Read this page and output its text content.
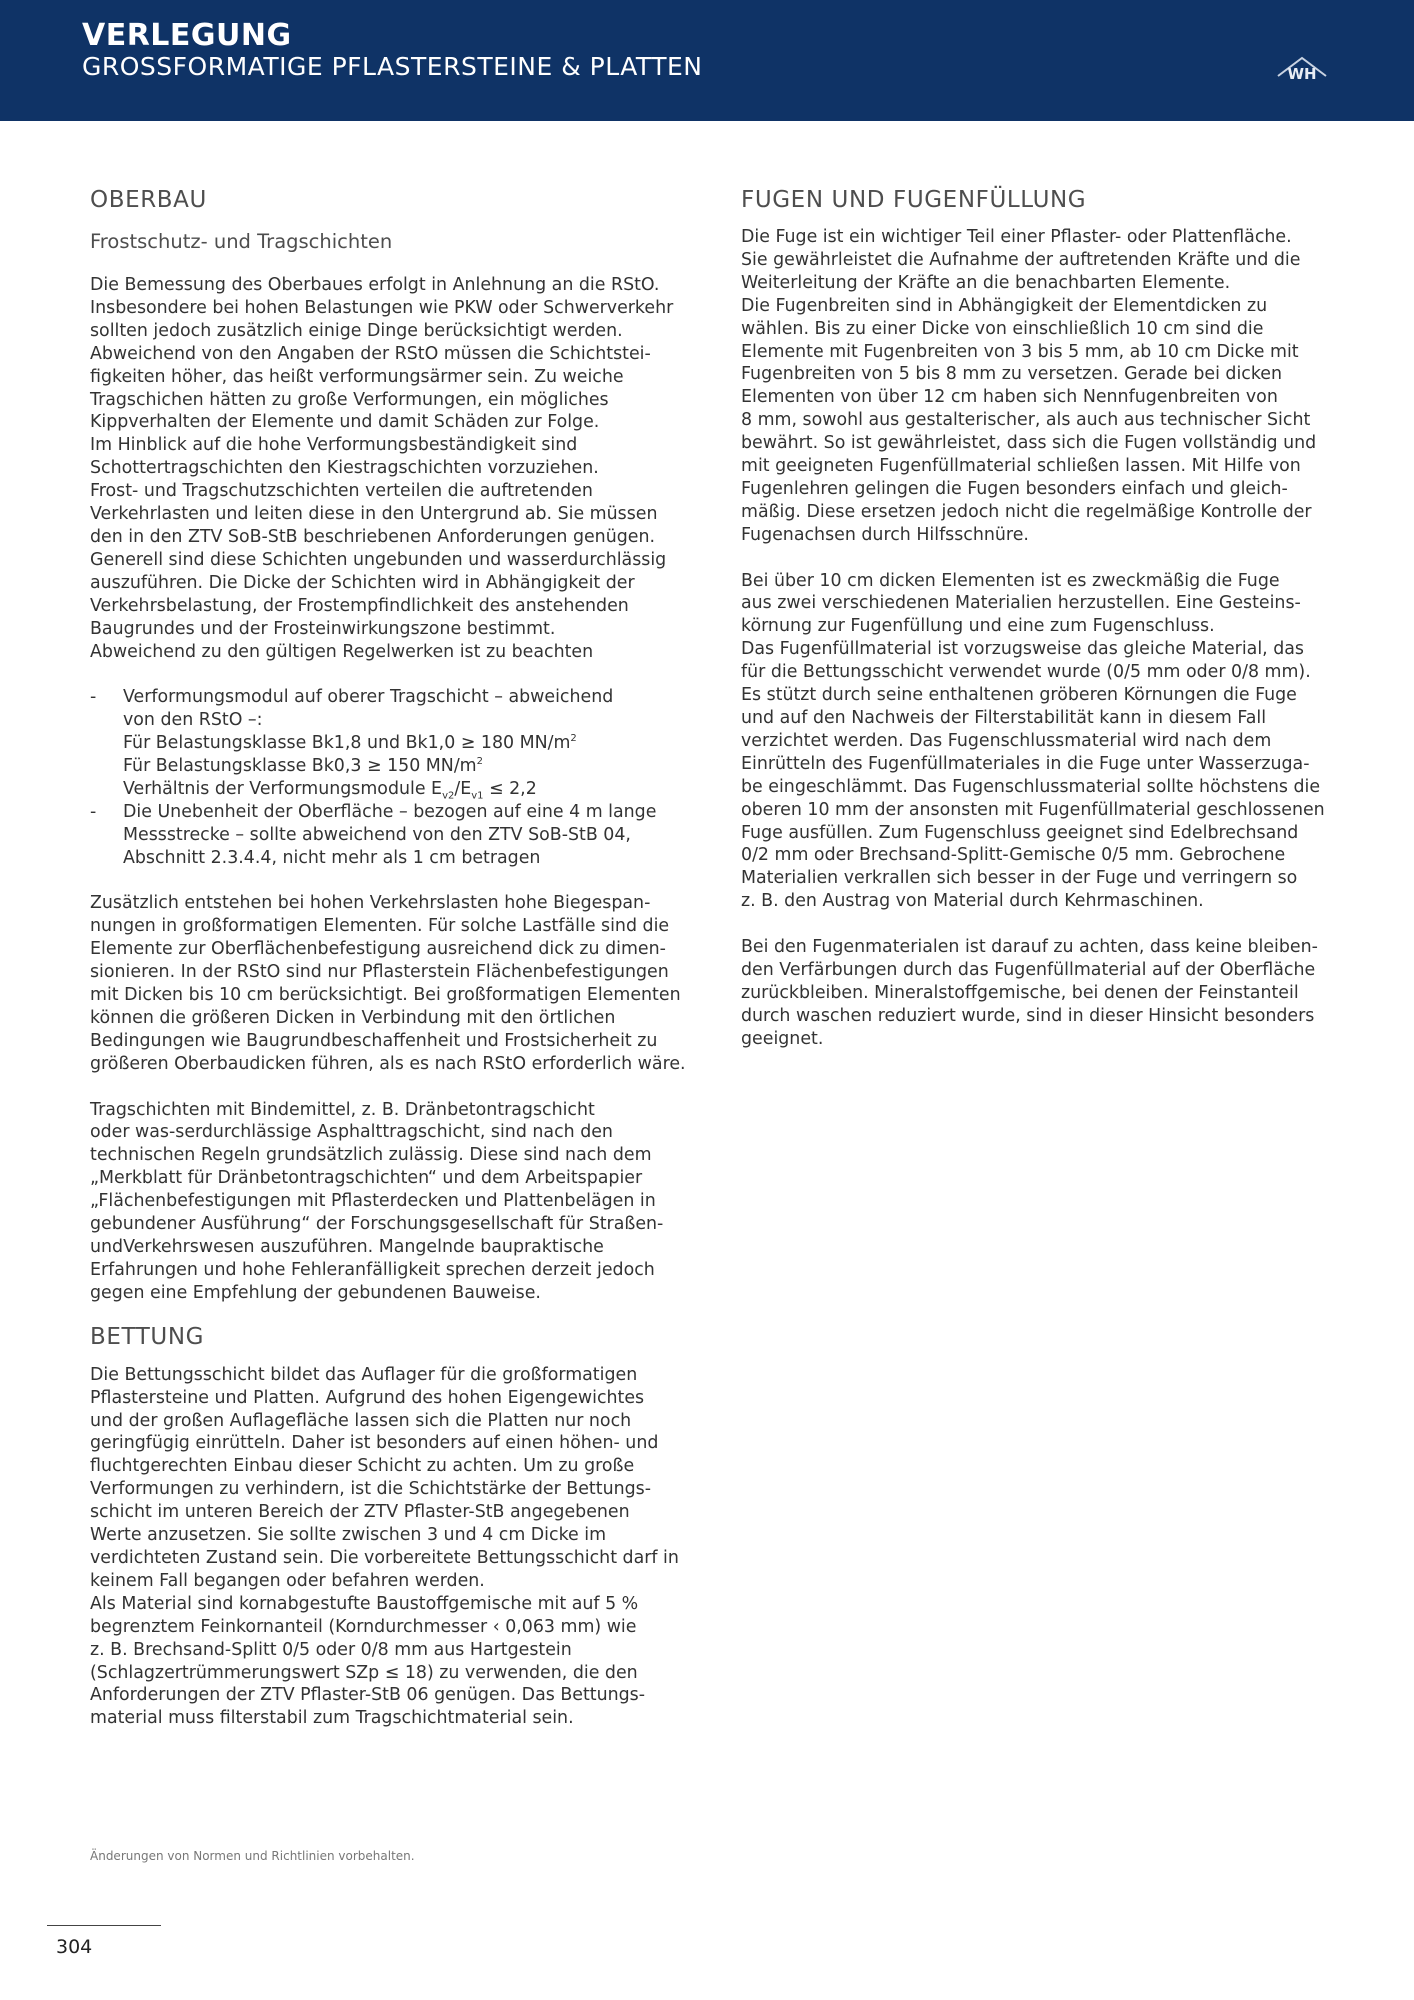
VERLEGUNG
GROSSFORMATIGE PFLASTERSTEINE & PLATTEN	WH
OBERBAU
Frostschutz- und Tragschichten
Die Bemessung des Oberbaues erfolgt in Anlehnung an die RStO.
Insbesondere bei hohen Belastungen wie PKW oder Schwerverkehr
sollten jedoch zusätzlich einige Dinge berücksichtigt werden.
Abweichend von den Angaben der RStO müssen die Schichtstei-
figkeiten höher, das heißt verformungsärmer sein. Zu weiche
Tragschichen hätten zu große Verformungen, ein mögliches
Kippverhalten der Elemente und damit Schäden zur Folge.
Im Hinblick auf die hohe Verformungsbeständigkeit sind
Schottertragschichten den Kiestragschichten vorzuziehen.
Frost- und Tragschutzschichten verteilen die auftretenden
Verkehrlasten und leiten diese in den Untergrund ab. Sie müssen
den in den ZTV SoB-StB beschriebenen Anforderungen genügen.
Generell sind diese Schichten ungebunden und wasserdurchlässig
auszuführen. Die Dicke der Schichten wird in Abhängigkeit der
Verkehrsbelastung, der Frostempfindlichkeit des anstehenden
Baugrundes und der Frosteinwirkungszone bestimmt.
Abweichend zu den gültigen Regelwerken ist zu beachten
- Verformungsmodul auf oberer Tragschicht – abweichend
von den RStO –:
Für Belastungsklasse Bk1,8 und Bk1,0 ≥ 180 $MN/m^2$
Für Belastungsklasse Bk0,3 ≥ 150 $MN/m^2$
Verhältnis der Verformungsmodule $E_{v2}/E_{v1} \le 2,2$
- Die Unebenheit der Oberfläche – bezogen auf eine 4 m lange
Messstrecke – sollte abweichend von den ZTV SoB-StB 04,
Abschnitt 2.3.4.4, nicht mehr als 1 cm betragen
Zusätzlich entstehen bei hohen Verkehrslasten hohe Biegespan-
nungen in großformatigen Elementen. Für solche Lastfälle sind die
Elemente zur Oberflächenbefestigung ausreichend dick zu dimen-
sionieren. In der RStO sind nur Pflasterstein Flächenbefestigungen
mit Dicken bis 10 cm berücksichtigt. Bei großformatigen Elementen
können die größeren Dicken in Verbindung mit den örtlichen
Bedingungen wie Baugrundbeschaffenheit und Frostsicherheit zu
größeren Oberbaudicken führen, als es nach RStO erforderlich wäre.
Tragschichten mit Bindemittel, z. B. Dränbetontragschicht
oder was-serdurchlässige Asphalttragschicht, sind nach den
technischen Regeln grundsätzlich zulässig. Diese sind nach dem
„Merkblatt für Dränbetontragschichten“ und dem Arbeitspapier
„Flächenbefestigungen mit Pflasterdecken und Plattenbelägen in
gebundener Ausführung“ der Forschungsgesellschaft für Straßen-
undVerkehrswesen auszuführen. Mangelnde baupraktische
Erfahrungen und hohe Fehleranfälligkeit sprechen derzeit jedoch
gegen eine Empfehlung der gebundenen Bauweise.
BETTUNG
Die Bettungsschicht bildet das Auflager für die großformatigen
Pflastersteine und Platten. Aufgrund des hohen Eigengewichtes
und der großen Auflagefläche lassen sich die Platten nur noch
geringfügig einrütteln. Daher ist besonders auf einen höhen- und
fluchtgerechten Einbau dieser Schicht zu achten. Um zu große
Verformungen zu verhindern, ist die Schichtstärke der Bettungs-
schicht im unteren Bereich der ZTV Pflaster-StB angegebenen
Werte anzusetzen. Sie sollte zwischen 3 und 4 cm Dicke im
verdichteten Zustand sein. Die vorbereitete Bettungsschicht darf in
keinem Fall begangen oder befahren werden.
Als Material sind kornabgestufte Baustoffgemische mit auf 5 %
begrenztem Feinkornanteil (Korndurchmesser ‹ 0,063 mm) wie
z. B. Brechsand-Splitt 0/5 oder 0/8 mm aus Hartgestein
(Schlagzertrümmerungswert SZp ≤ 18) zu verwenden, die den
Anforderungen der ZTV Pflaster-StB 06 genügen. Das Bettungs-
material muss filterstabil zum Tragschichtmaterial sein.
FUGEN UND FUGENFÜLLUNG
Die Fuge ist ein wichtiger Teil einer Pflaster- oder Plattenfläche.
Sie gewährleistet die Aufnahme der auftretenden Kräfte und die
Weiterleitung der Kräfte an die benachbarten Elemente.
Die Fugenbreiten sind in Abhängigkeit der Elementdicken zu
wählen. Bis zu einer Dicke von einschließlich 10 cm sind die
Elemente mit Fugenbreiten von 3 bis 5 mm, ab 10 cm Dicke mit
Fugenbreiten von 5 bis 8 mm zu versetzen. Gerade bei dicken
Elementen von über 12 cm haben sich Nennfugenbreiten von
8 mm, sowohl aus gestalterischer, als auch aus technischer Sicht
bewährt. So ist gewährleistet, dass sich die Fugen vollständig und
mit geeigneten Fugenfüllmaterial schließen lassen. Mit Hilfe von
Fugenlehren gelingen die Fugen besonders einfach und gleich-
mäßig. Diese ersetzen jedoch nicht die regelmäßige Kontrolle der
Fugenachsen durch Hilfsschnüre.
Bei über 10 cm dicken Elementen ist es zweckmäßig die Fuge
aus zwei verschiedenen Materialien herzustellen. Eine Gesteins-
körnung zur Fugenfüllung und eine zum Fugenschluss.
Das Fugenfüllmaterial ist vorzugsweise das gleiche Material, das
für die Bettungsschicht verwendet wurde (0/5 mm oder 0/8 mm).
Es stützt durch seine enthaltenen gröberen Körnungen die Fuge
und auf den Nachweis der Filterstabilität kann in diesem Fall
verzichtet werden. Das Fugenschlussmaterial wird nach dem
Einrütteln des Fugenfüllmateriales in die Fuge unter Wasserzuga-
be eingeschlämmt. Das Fugenschlussmaterial sollte höchstens die
oberen 10 mm der ansonsten mit Fugenfüllmaterial geschlossenen
Fuge ausfüllen. Zum Fugenschluss geeignet sind Edelbrechsand
0/2 mm oder Brechsand-Splitt-Gemische 0/5 mm. Gebrochene
Materialien verkrallen sich besser in der Fuge und verringern so
z. B. den Austrag von Material durch Kehrmaschinen.
Bei den Fugenmaterialen ist darauf zu achten, dass keine bleiben-
den Verfärbungen durch das Fugenfüllmaterial auf der Oberfläche
zurückbleiben. Mineralstoffgemische, bei denen der Feinstanteil
durch waschen reduziert wurde, sind in dieser Hinsicht besonders
geeignet.
Änderungen von Normen und Richtlinien vorbehalten.
304
